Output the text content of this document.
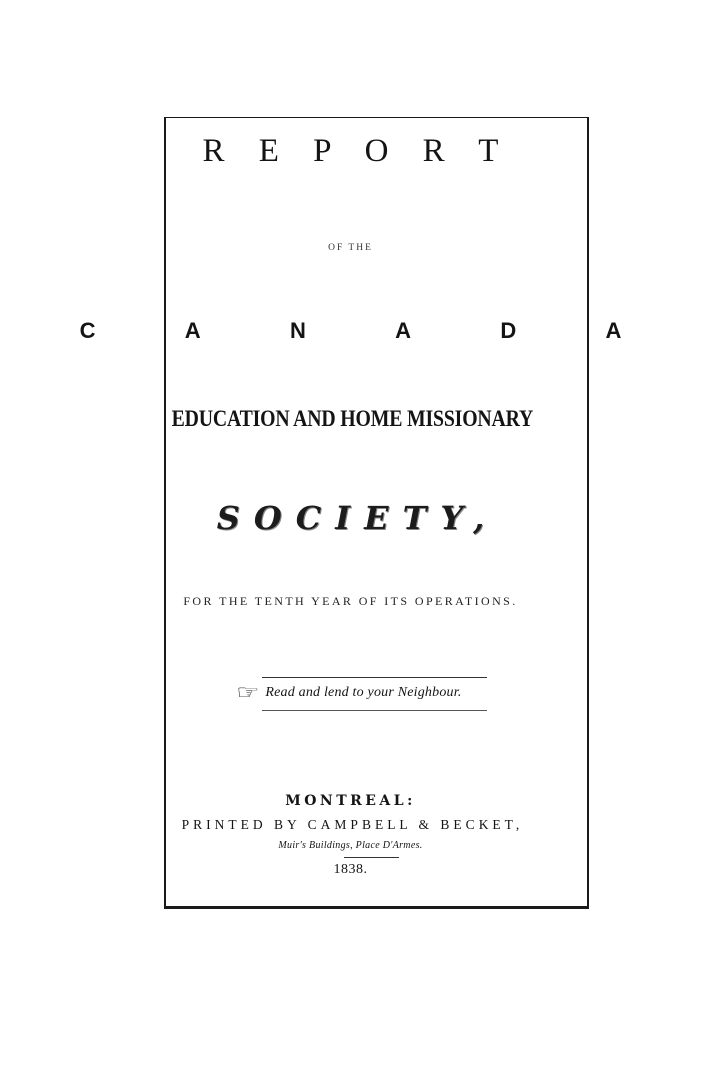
R E P O R T
OF THE
C A N A D A
EDUCATION AND HOME MISSIONARY
SOCIETY,
FOR THE TENTH YEAR OF ITS OPERATIONS.
☞ Read and lend to your Neighbour.
MONTREAL:
PRINTED BY CAMPBELL & BECKET,
Muir's Buildings, Place D'Armes.
1838.
